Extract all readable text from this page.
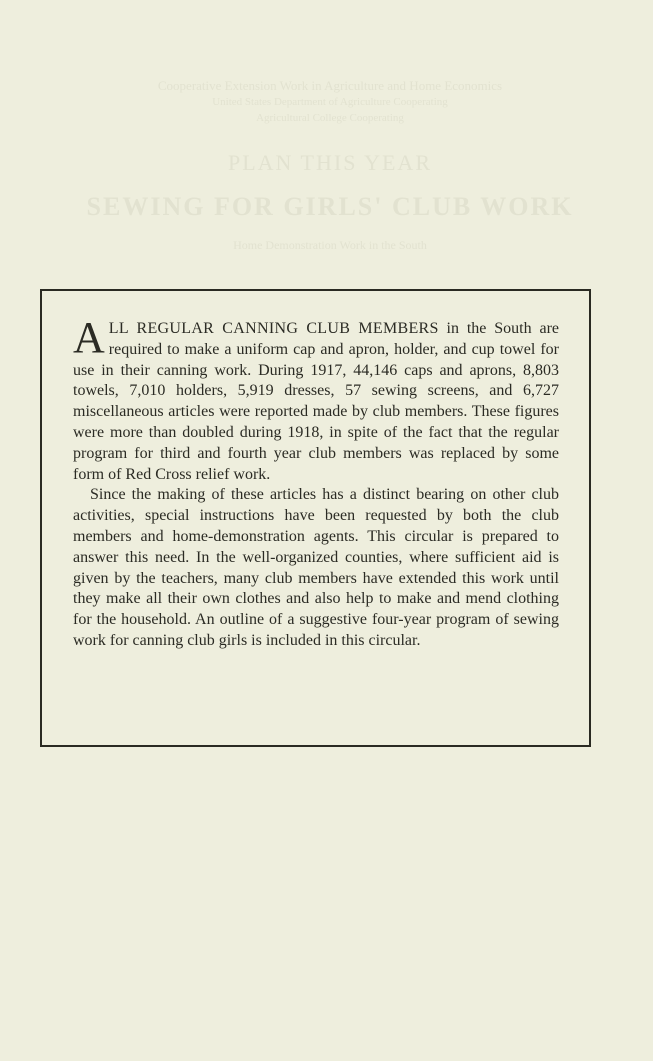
Cooperative Extension Work in Agriculture and Home Economics
United States Department of Agriculture Cooperating
Agricultural College Cooperating
PLAN THIS YEAR
SEWING FOR GIRLS' CLUB WORK
Home Demonstration Work in the South

ALL REGULAR CANNING CLUB MEMBERS in the South are required to make a uniform cap and apron, holder, and cup towel for use in their canning work. During 1917, 44,146 caps and aprons, 8,803 towels, 7,010 holders, 5,919 dresses, 57 sewing screens, and 6,727 miscellaneous articles were reported made by club members. These figures were more than doubled during 1918, in spite of the fact that the regular program for third and fourth year club members was replaced by some form of Red Cross relief work.

Since the making of these articles has a distinct bearing on other club activities, special instructions have been requested by both the club members and home-demonstration agents. This circular is prepared to answer this need. In the well-organized counties, where sufficient aid is given by the teachers, many club members have extended this work until they make all their own clothes and also help to make and mend clothing for the household. An outline of a suggestive four-year program of sewing work for canning club girls is included in this circular.
